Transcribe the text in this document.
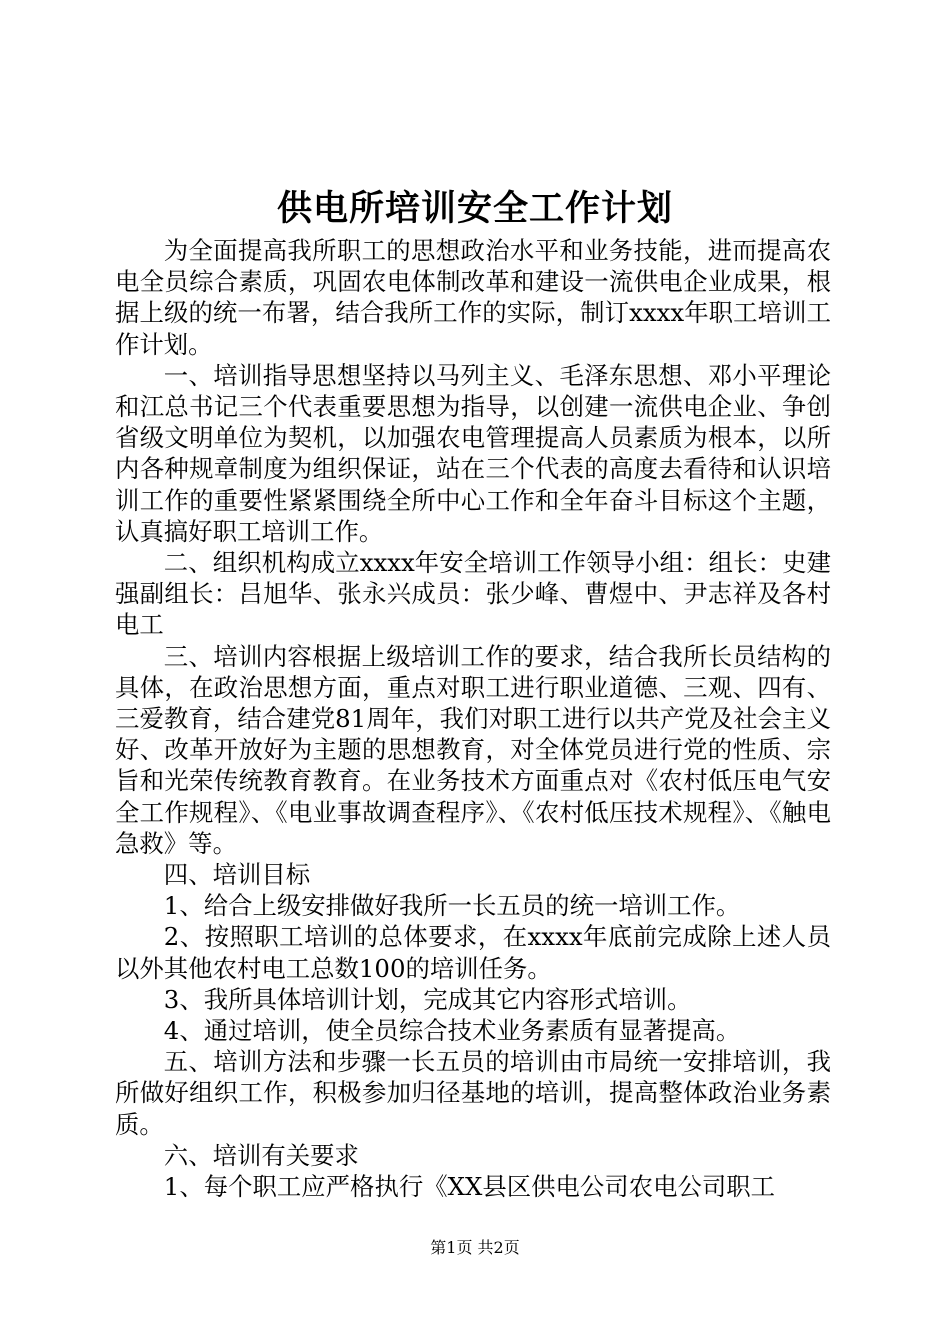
供电所培训安全工作计划

为全面提高我所职工的思想政治水平和业务技能，进而提高农电全员综合素质，巩固农电体制改革和建设一流供电企业成果，根据上级的统一布署，结合我所工作的实际，制订xxxx年职工培训工作计划。

一、培训指导思想坚持以马列主义、毛泽东思想、邓小平理论和江总书记三个代表重要思想为指导，以创建一流供电企业、争创省级文明单位为契机，以加强农电管理提高人员素质为根本，以所内各种规章制度为组织保证，站在三个代表的高度去看待和认识培训工作的重要性紧紧围绕全所中心工作和全年奋斗目标这个主题，认真搞好职工培训工作。

二、组织机构成立xxxx年安全培训工作领导小组：组长：史建强副组长：吕旭华、张永兴成员：张少峰、曹煜中、尹志祥及各村电工

三、培训内容根据上级培训工作的要求，结合我所长员结构的具体，在政治思想方面，重点对职工进行职业道德、三观、四有、三爱教育，结合建党81周年，我们对职工进行以共产党及社会主义好、改革开放好为主题的思想教育，对全体党员进行党的性质、宗旨和光荣传统教育教育。在业务技术方面重点对《农村低压电气安全工作规程》、《电业事故调查程序》、《农村低压技术规程》、《触电急救》等。

四、培训目标

1、给合上级安排做好我所一长五员的统一培训工作。

2、按照职工培训的总体要求，在xxxx年底前完成除上述人员以外其他农村电工总数100的培训任务。

3、我所具体培训计划，完成其它内容形式培训。

4、通过培训，使全员综合技术业务素质有显著提高。

五、培训方法和步骤一长五员的培训由市局统一安排培训，我所做好组织工作，积极参加归径基地的培训，提高整体政治业务素质。

六、培训有关要求

1、每个职工应严格执行《XX县区供电公司农电公司职工

第1页 共2页
